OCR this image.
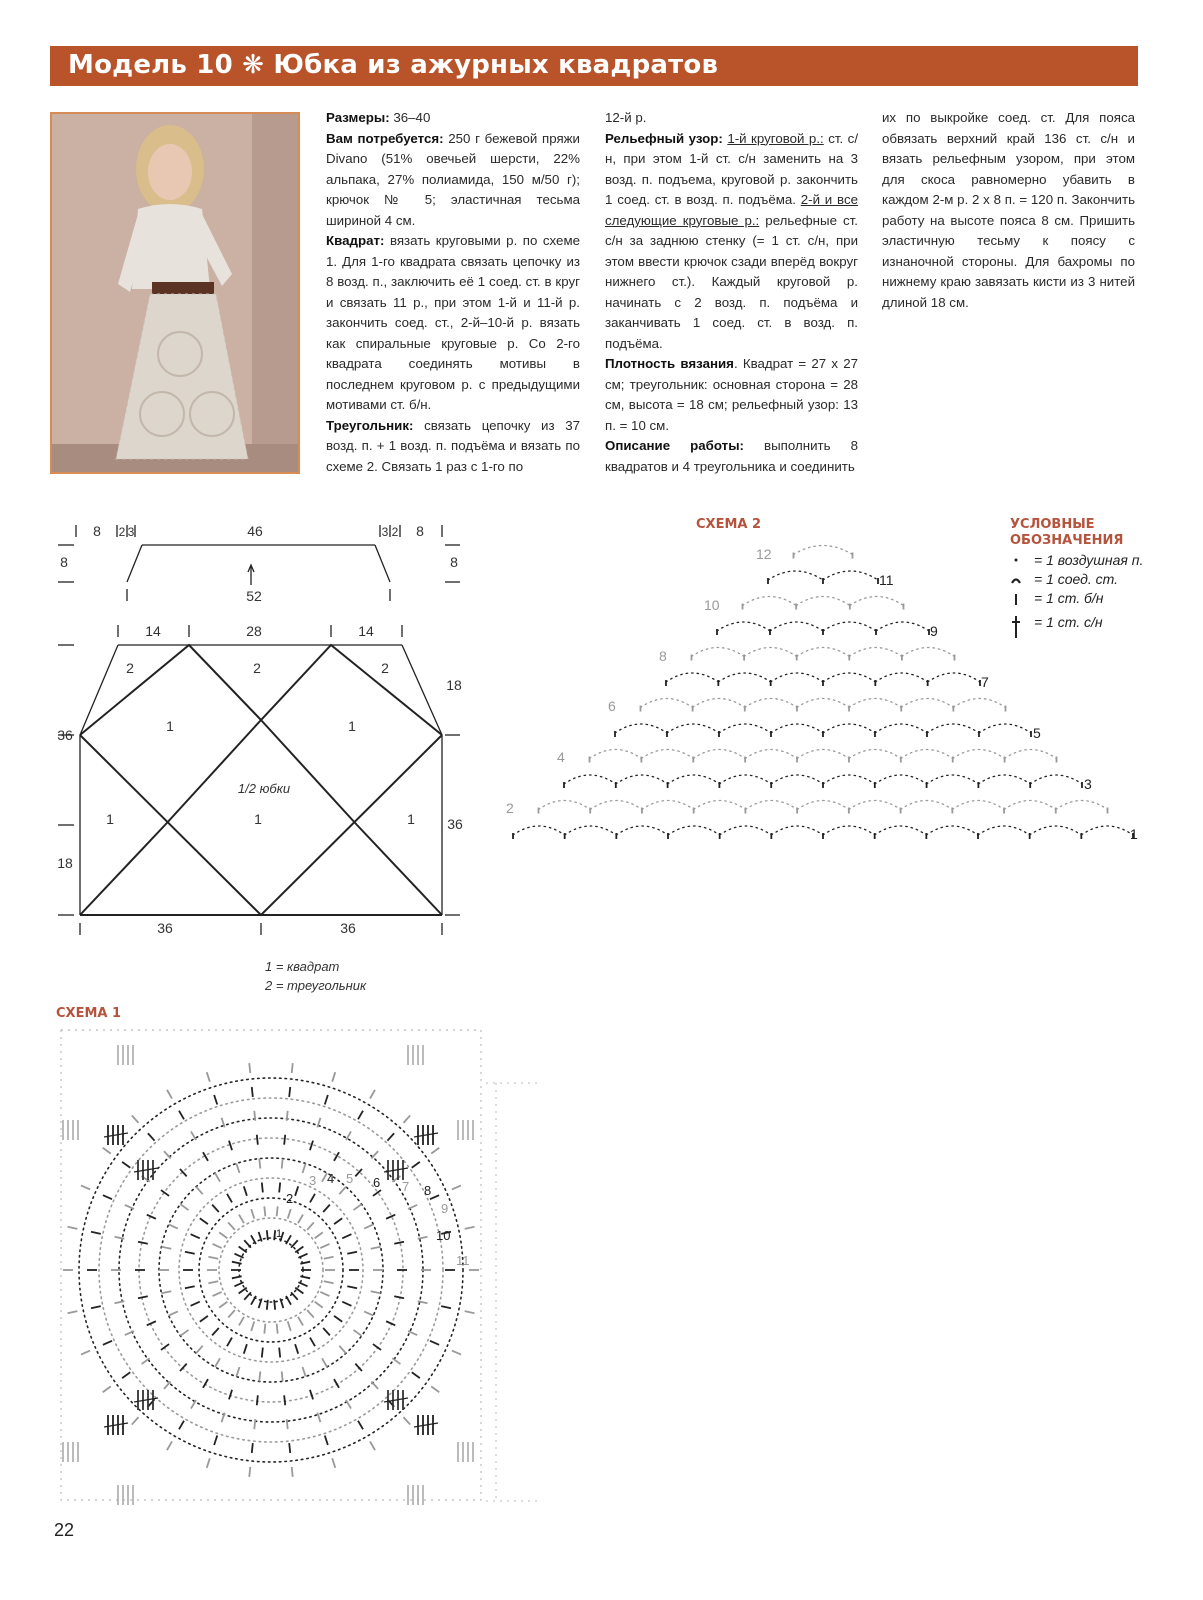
Модель 10 ❋ Юбка из ажурных квадратов

Размеры: 36–40

Вам потребуется: 250 г бежевой пряжи Divano (51% овечьей шерсти, 22% альпака, 27% полиамида, 150 м/50 г); крючок № 5; эластичная тесьма шириной 4 см.

Квадрат: вязать круговыми р. по схеме 1. Для 1-го квадрата связать цепочку из 8 возд. п., заключить её 1 соед. ст. в круг и связать 11 р., при этом 1-й и 11-й р. закончить соед. ст., 2-й–10-й р. вязать как спиральные круговые р. Со 2-го квадрата соединять мотивы в последнем круговом р. с предыдущими мотивами ст. б/н.

Треугольник: связать цепочку из 37 возд. п. + 1 возд. п. подъёма и вязать по схеме 2. Связать 1 раз с 1-го по

12-й р.

Рельефный узор: 1-й круговой р.: ст. с/н, при этом 1-й ст. с/н заменить на 3 возд. п. подъема, круговой р. закончить 1 соед. ст. в возд. п. подъёма. 2-й и все следующие круговые р.: рельефные ст. с/н за заднюю стенку (= 1 ст. с/н, при этом ввести крючок сзади вперёд вокруг нижнего ст.). Каждый круговой р. начинать с 2 возд. п. подъёма и заканчивать 1 соед. ст. в возд. п. подъёма.

Плотность вязания. Квадрат = 27 x 27 см; треугольник: основная сторона = 28 см, высота = 18 см; рельефный узор: 13 п. = 10 см.

Описание работы: выполнить 8 квадратов и 4 треугольника и соединить

их по выкройке соед. ст. Для пояса обвязать верхний край 136 ст. с/н и вязать рельефным узором, при этом для скоса равномерно убавить в каждом 2-м р. 2 x 8 п. = 120 п. Закончить работу на высоте пояса 8 см. Пришить эластичную тесьму к поясу с изнаночной стороны. Для бахромы по нижнему краю завязать кисти из 3 нитей длиной 18 см.

8 2 3	46	3 2 8
8	8
52
14	28	14
18
36
36
18
36	36
2	2	2
1	1
1	1	1
1/2 юбки
1 = квадрат
2 = треугольник
СХЕМА 1
2
1
3 4 5 6 7 8
9
10
11
СХЕМА 2
1
2
3
4
5
6
7
8
9
10
11
12
УСЛОВНЫЕ
ОБОЗНАЧЕНИЯ
= 1 воздушная п.
= 1 соед. ст.
= 1 ст. б/н
= 1 ст. с/н
22
